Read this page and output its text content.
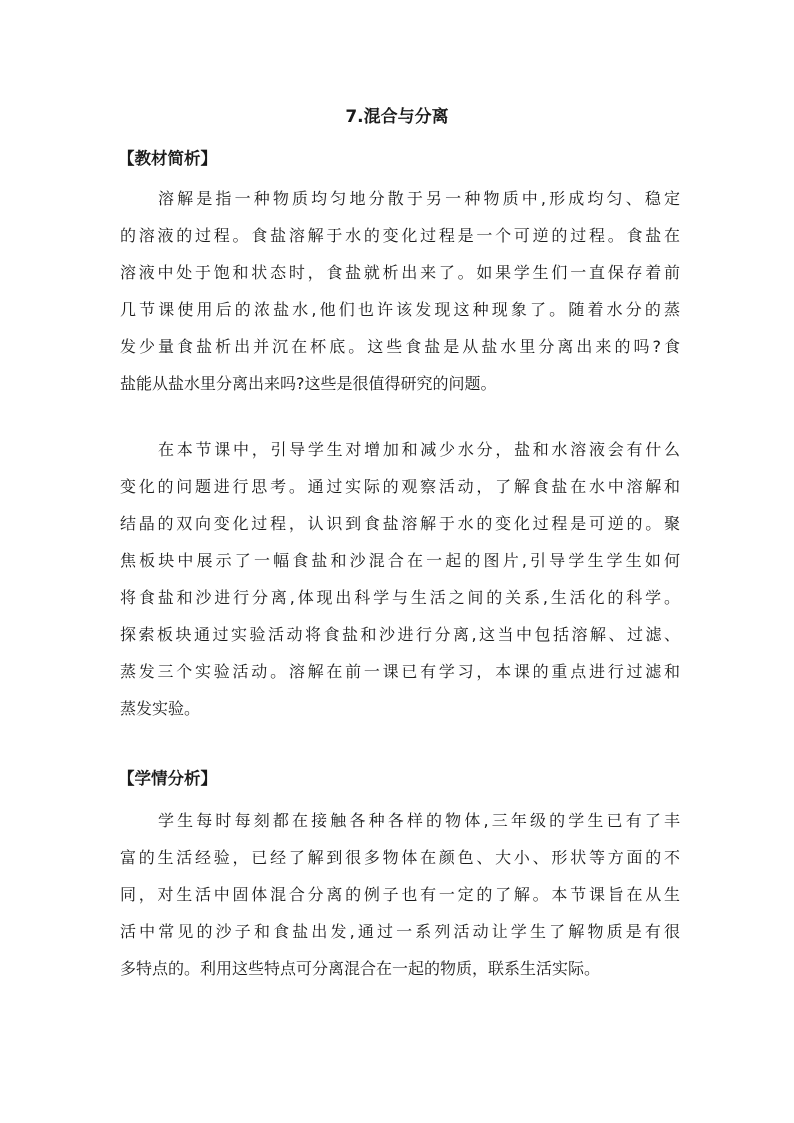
7.混合与分离
【教材简析】
溶解是指一种物质均匀地分散于另一种物质中,形成均匀、稳定
的溶液的过程。食盐溶解于水的变化过程是一个可逆的过程。食盐在
溶液中处于饱和状态时，食盐就析出来了。如果学生们一直保存着前
几节课使用后的浓盐水,他们也许该发现这种现象了。随着水分的蒸
发少量食盐析出并沉在杯底。这些食盐是从盐水里分离出来的吗?食
盐能从盐水里分离出来吗?这些是很值得研究的问题。
在本节课中，引导学生对增加和减少水分，盐和水溶液会有什么
变化的问题进行思考。通过实际的观察活动，了解食盐在水中溶解和
结晶的双向变化过程，认识到食盐溶解于水的变化过程是可逆的。聚
焦板块中展示了一幅食盐和沙混合在一起的图片,引导学生学生如何
将食盐和沙进行分离,体现出科学与生活之间的关系,生活化的科学。
探索板块通过实验活动将食盐和沙进行分离,这当中包括溶解、过滤、
蒸发三个实验活动。溶解在前一课已有学习，本课的重点进行过滤和
蒸发实验。
【学情分析】
学生每时每刻都在接触各种各样的物体,三年级的学生已有了丰
富的生活经验，已经了解到很多物体在颜色、大小、形状等方面的不
同，对生活中固体混合分离的例子也有一定的了解。本节课旨在从生
活中常见的沙子和食盐出发,通过一系列活动让学生了解物质是有很
多特点的。利用这些特点可分离混合在一起的物质，联系生活实际。
